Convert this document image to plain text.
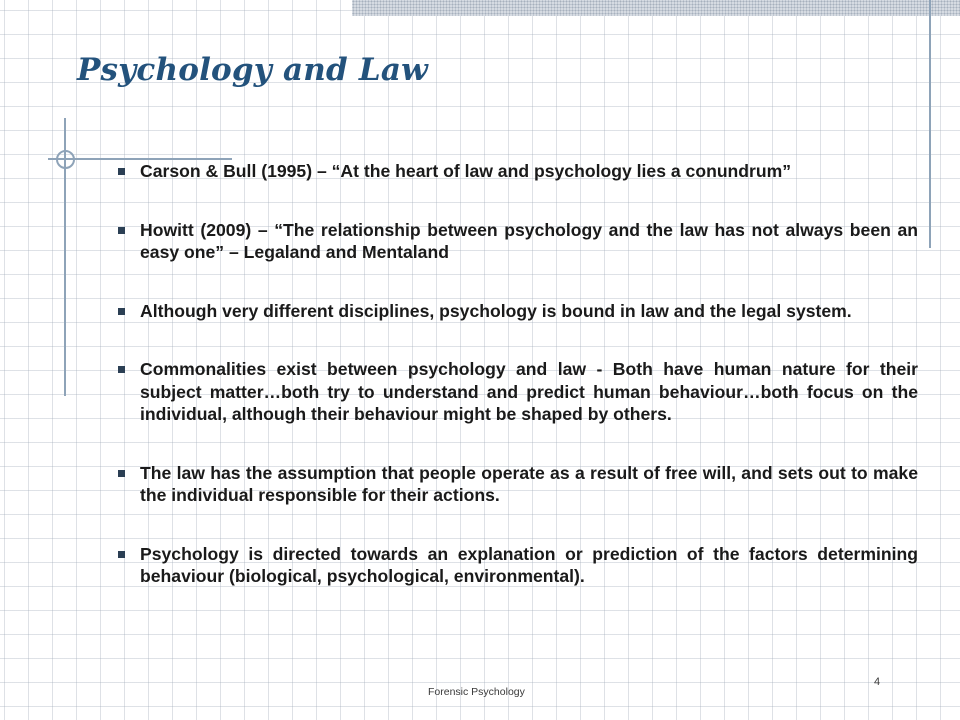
Psychology and Law
Carson & Bull (1995) – “At the heart of law and psychology lies a conundrum”
Howitt (2009) – “The relationship between psychology and the law has not always been an easy one” – Legaland and Mentaland
Although very different disciplines, psychology is bound in law and the legal system.
Commonalities exist between psychology and law - Both have human nature for their subject matter…both try to understand and predict human behaviour…both focus on the individual, although their behaviour might be shaped by others.
The law has the assumption that people operate as a result of free will, and sets out to make the individual responsible for their actions.
Psychology is directed towards an explanation or prediction of the factors determining behaviour (biological, psychological, environmental).
Forensic Psychology
4
